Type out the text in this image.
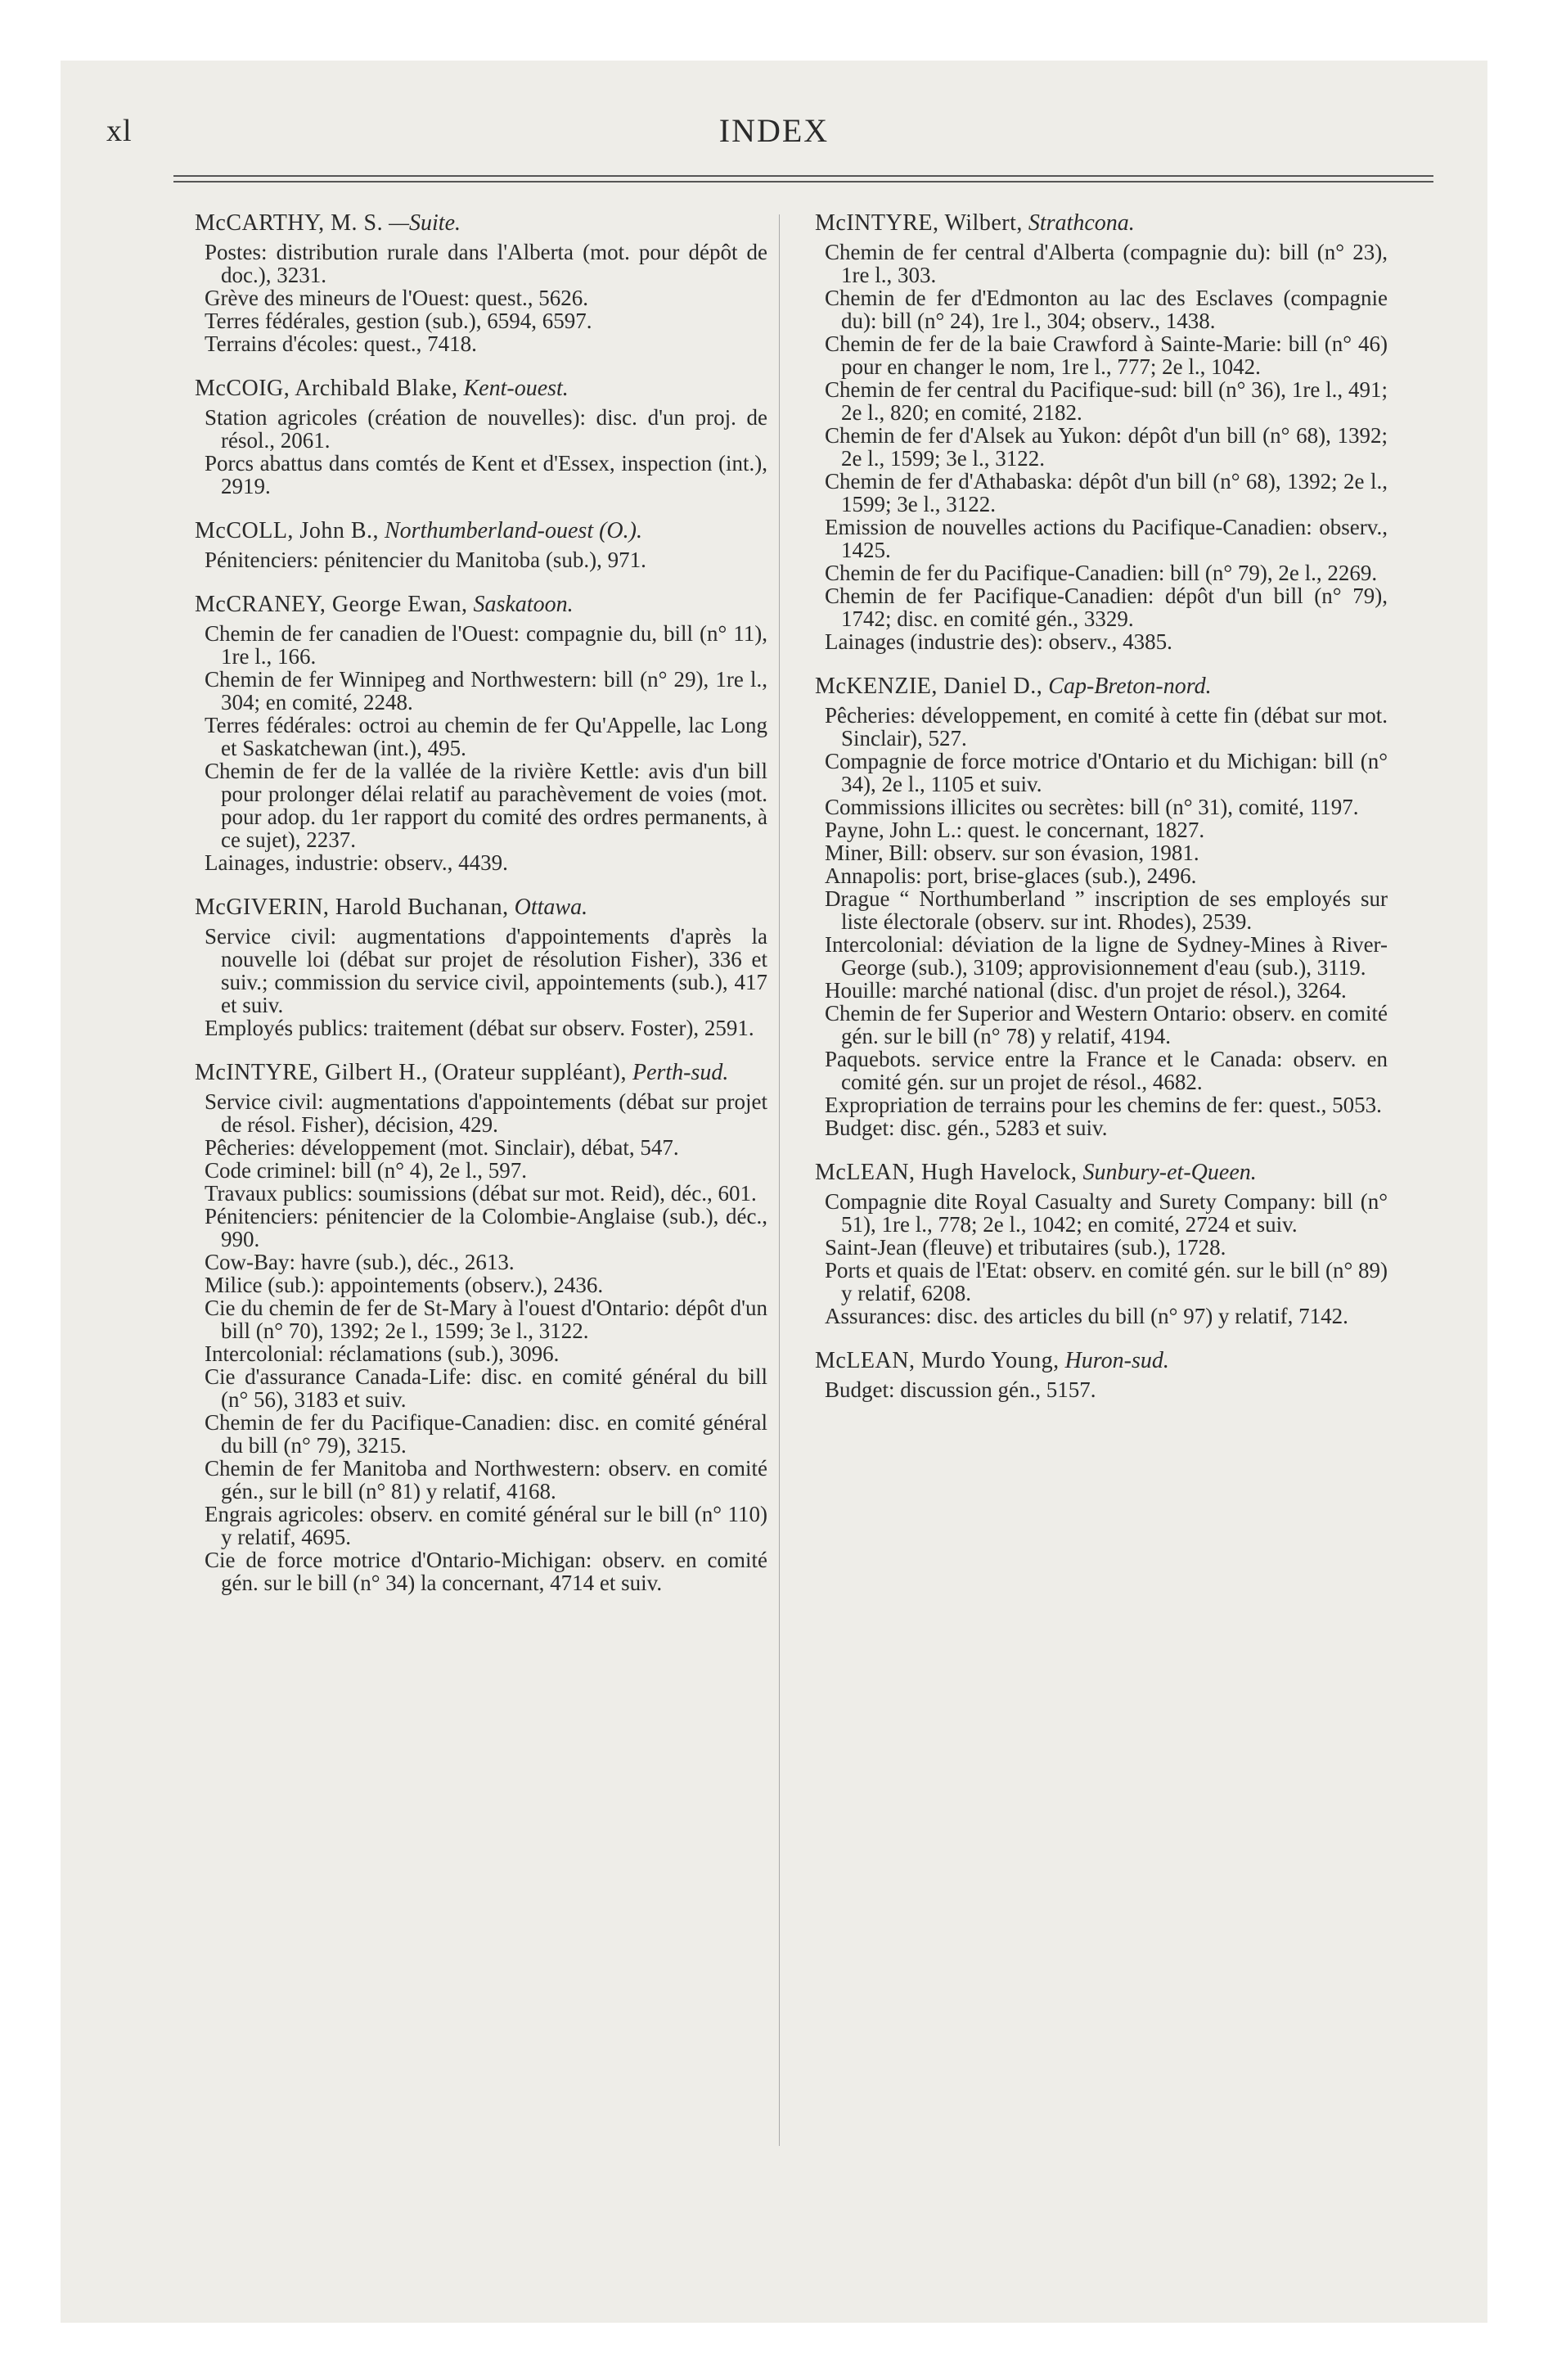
xl	INDEX
McCARTHY, M. S. —Suite.
Postes: distribution rurale dans l'Alberta (mot. pour dépôt de doc.), 3231.
Grève des mineurs de l'Ouest: quest., 5626.
Terres fédérales, gestion (sub.), 6594, 6597.
Terrains d'écoles: quest., 7418.
McCOIG, Archibald Blake, Kent-ouest.
Station agricoles (création de nouvelles): disc. d'un proj. de résol., 2061.
Porcs abattus dans comtés de Kent et d'Essex, inspection (int.), 2919.
McCOLL, John B., Northumberland-ouest (O.).
Pénitenciers: pénitencier du Manitoba (sub.), 971.
McCRANEY, George Ewan, Saskatoon.
Chemin de fer canadien de l'Ouest: compagnie du, bill (n° 11), 1re l., 166.
Chemin de fer Winnipeg and Northwestern: bill (n° 29), 1re l., 304; en comité, 2248.
Terres fédérales: octroi au chemin de fer Qu'Appelle, lac Long et Saskatchewan (int.), 495.
Chemin de fer de la vallée de la rivière Kettle: avis d'un bill pour prolonger délai relatif au parachèvement de voies (mot. pour adop. du 1er rapport du comité des ordres permanents, à ce sujet), 2237.
Lainages, industrie: observ., 4439.
McGIVERIN, Harold Buchanan, Ottawa.
Service civil: augmentations d'appointements d'après la nouvelle loi (débat sur projet de résolution Fisher), 336 et suiv.; commission du service civil, appointements (sub.), 417 et suiv.
Employés publics: traitement (débat sur observ. Foster), 2591.
McINTYRE, Gilbert H., (Orateur suppléant), Perth-sud.
Service civil: augmentations d'appointements (débat sur projet de résol. Fisher), décision, 429.
Pêcheries: développement (mot. Sinclair), débat, 547.
Code criminel: bill (n° 4), 2e l., 597.
Travaux publics: soumissions (débat sur mot. Reid), déc., 601.
Pénitenciers: pénitencier de la Colombie-Anglaise (sub.), déc., 990.
Cow-Bay: havre (sub.), déc., 2613.
Milice (sub.): appointements (observ.), 2436.
Cie du chemin de fer de St-Mary à l'ouest d'Ontario: dépôt d'un bill (n° 70), 1392; 2e l., 1599; 3e l., 3122.
Intercolonial: réclamations (sub.), 3096.
Cie d'assurance Canada-Life: disc. en comité général du bill (n° 56), 3183 et suiv.
Chemin de fer du Pacifique-Canadien: disc. en comité général du bill (n° 79), 3215.
Chemin de fer Manitoba and Northwestern: observ. en comité gén., sur le bill (n° 81) y relatif, 4168.
Engrais agricoles: observ. en comité général sur le bill (n° 110) y relatif, 4695.
Cie de force motrice d'Ontario-Michigan: observ. en comité gén. sur le bill (n° 34) la concernant, 4714 et suiv.
McINTYRE, Wilbert, Strathcona.
Chemin de fer central d'Alberta (compagnie du): bill (n° 23), 1re l., 303.
Chemin de fer d'Edmonton au lac des Esclaves (compagnie du): bill (n° 24), 1re l., 304; observ., 1438.
Chemin de fer de la baie Crawford à Sainte-Marie: bill (n° 46) pour en changer le nom, 1re l., 777; 2e l., 1042.
Chemin de fer central du Pacifique-sud: bill (n° 36), 1re l., 491; 2e l., 820; en comité, 2182.
Chemin de fer d'Alsek au Yukon: dépôt d'un bill (n° 68), 1392; 2e l., 1599; 3e l., 3122.
Chemin de fer d'Athabaska: dépôt d'un bill (n° 68), 1392; 2e l., 1599; 3e l., 3122.
Emission de nouvelles actions du Pacifique-Canadien: observ., 1425.
Chemin de fer du Pacifique-Canadien: bill (n° 79), 2e l., 2269.
Chemin de fer Pacifique-Canadien: dépôt d'un bill (n° 79), 1742; disc. en comité gén., 3329.
Lainages (industrie des): observ., 4385.
McKENZIE, Daniel D., Cap-Breton-nord.
Pêcheries: développement, en comité à cette fin (débat sur mot. Sinclair), 527.
Compagnie de force motrice d'Ontario et du Michigan: bill (n° 34), 2e l., 1105 et suiv.
Commissions illicites ou secrètes: bill (n° 31), comité, 1197.
Payne, John L.: quest. le concernant, 1827.
Miner, Bill: observ. sur son évasion, 1981.
Annapolis: port, brise-glaces (sub.), 2496.
Drague “ Northumberland ” inscription de ses employés sur liste électorale (observ. sur int. Rhodes), 2539.
Intercolonial: déviation de la ligne de Sydney-Mines à River-George (sub.), 3109; approvisionnement d'eau (sub.), 3119.
Houille: marché national (disc. d'un projet de résol.), 3264.
Chemin de fer Superior and Western Ontario: observ. en comité gén. sur le bill (n° 78) y relatif, 4194.
Paquebots. service entre la France et le Canada: observ. en comité gén. sur un projet de résol., 4682.
Expropriation de terrains pour les chemins de fer: quest., 5053.
Budget: disc. gén., 5283 et suiv.
McLEAN, Hugh Havelock, Sunbury-et-Queen.
Compagnie dite Royal Casualty and Surety Company: bill (n° 51), 1re l., 778; 2e l., 1042; en comité, 2724 et suiv.
Saint-Jean (fleuve) et tributaires (sub.), 1728.
Ports et quais de l'Etat: observ. en comité gén. sur le bill (n° 89) y relatif, 6208.
Assurances: disc. des articles du bill (n° 97) y relatif, 7142.
McLEAN, Murdo Young, Huron-sud.
Budget: discussion gén., 5157.
